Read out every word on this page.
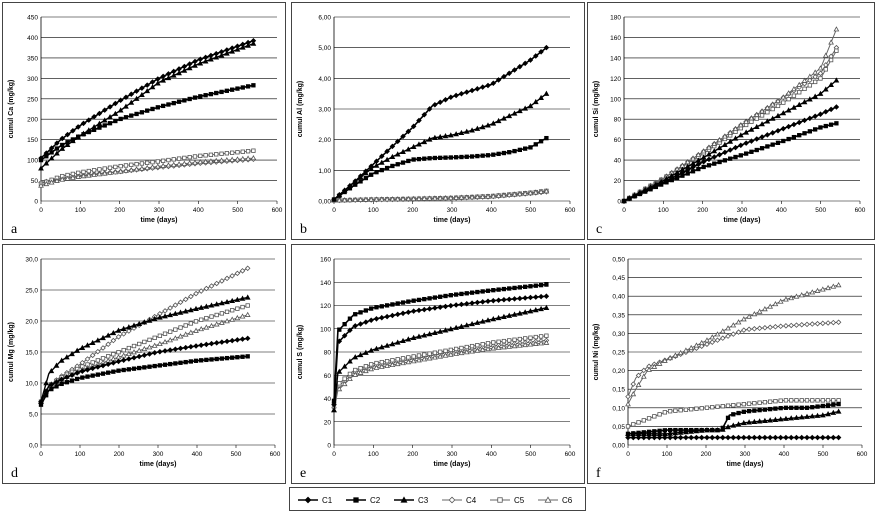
0
50
100
150
200
250
300
350
400
450
0	100	200	300	400	500	600
time (days)
cumul Ca (mg/kg)
a
0,00
1,00
2,00
3,00
4,00
5,00
6,00
0	100	200	300	400	500	600
time (days)
cumul Al (mg/kg)
b
0
20
40
60
80
100
120
140
160
180
0	100	200	300	400	500	600
time (days)
cumul Si (mg/kg)
c
0,0
5,0
10,0
15,0
20,0
25,0
30,0
0	100	200	300	400	500	600
time (days)
cumul Mg (mg/kg)
d
0
20
40
60
80
100
120
140
160
0	100	200	300	400	500	600
time (days)
cumul S (mg/kg)
e
0,00
0,05
0,10
0,15
0,20
0,25
0,30
0,35
0,40
0,45
0,50
0	100	200	300	400	500	600
time (days)
cumul Ni (mg/kg)
f
C1	C2	C3	C4	C5	C6
